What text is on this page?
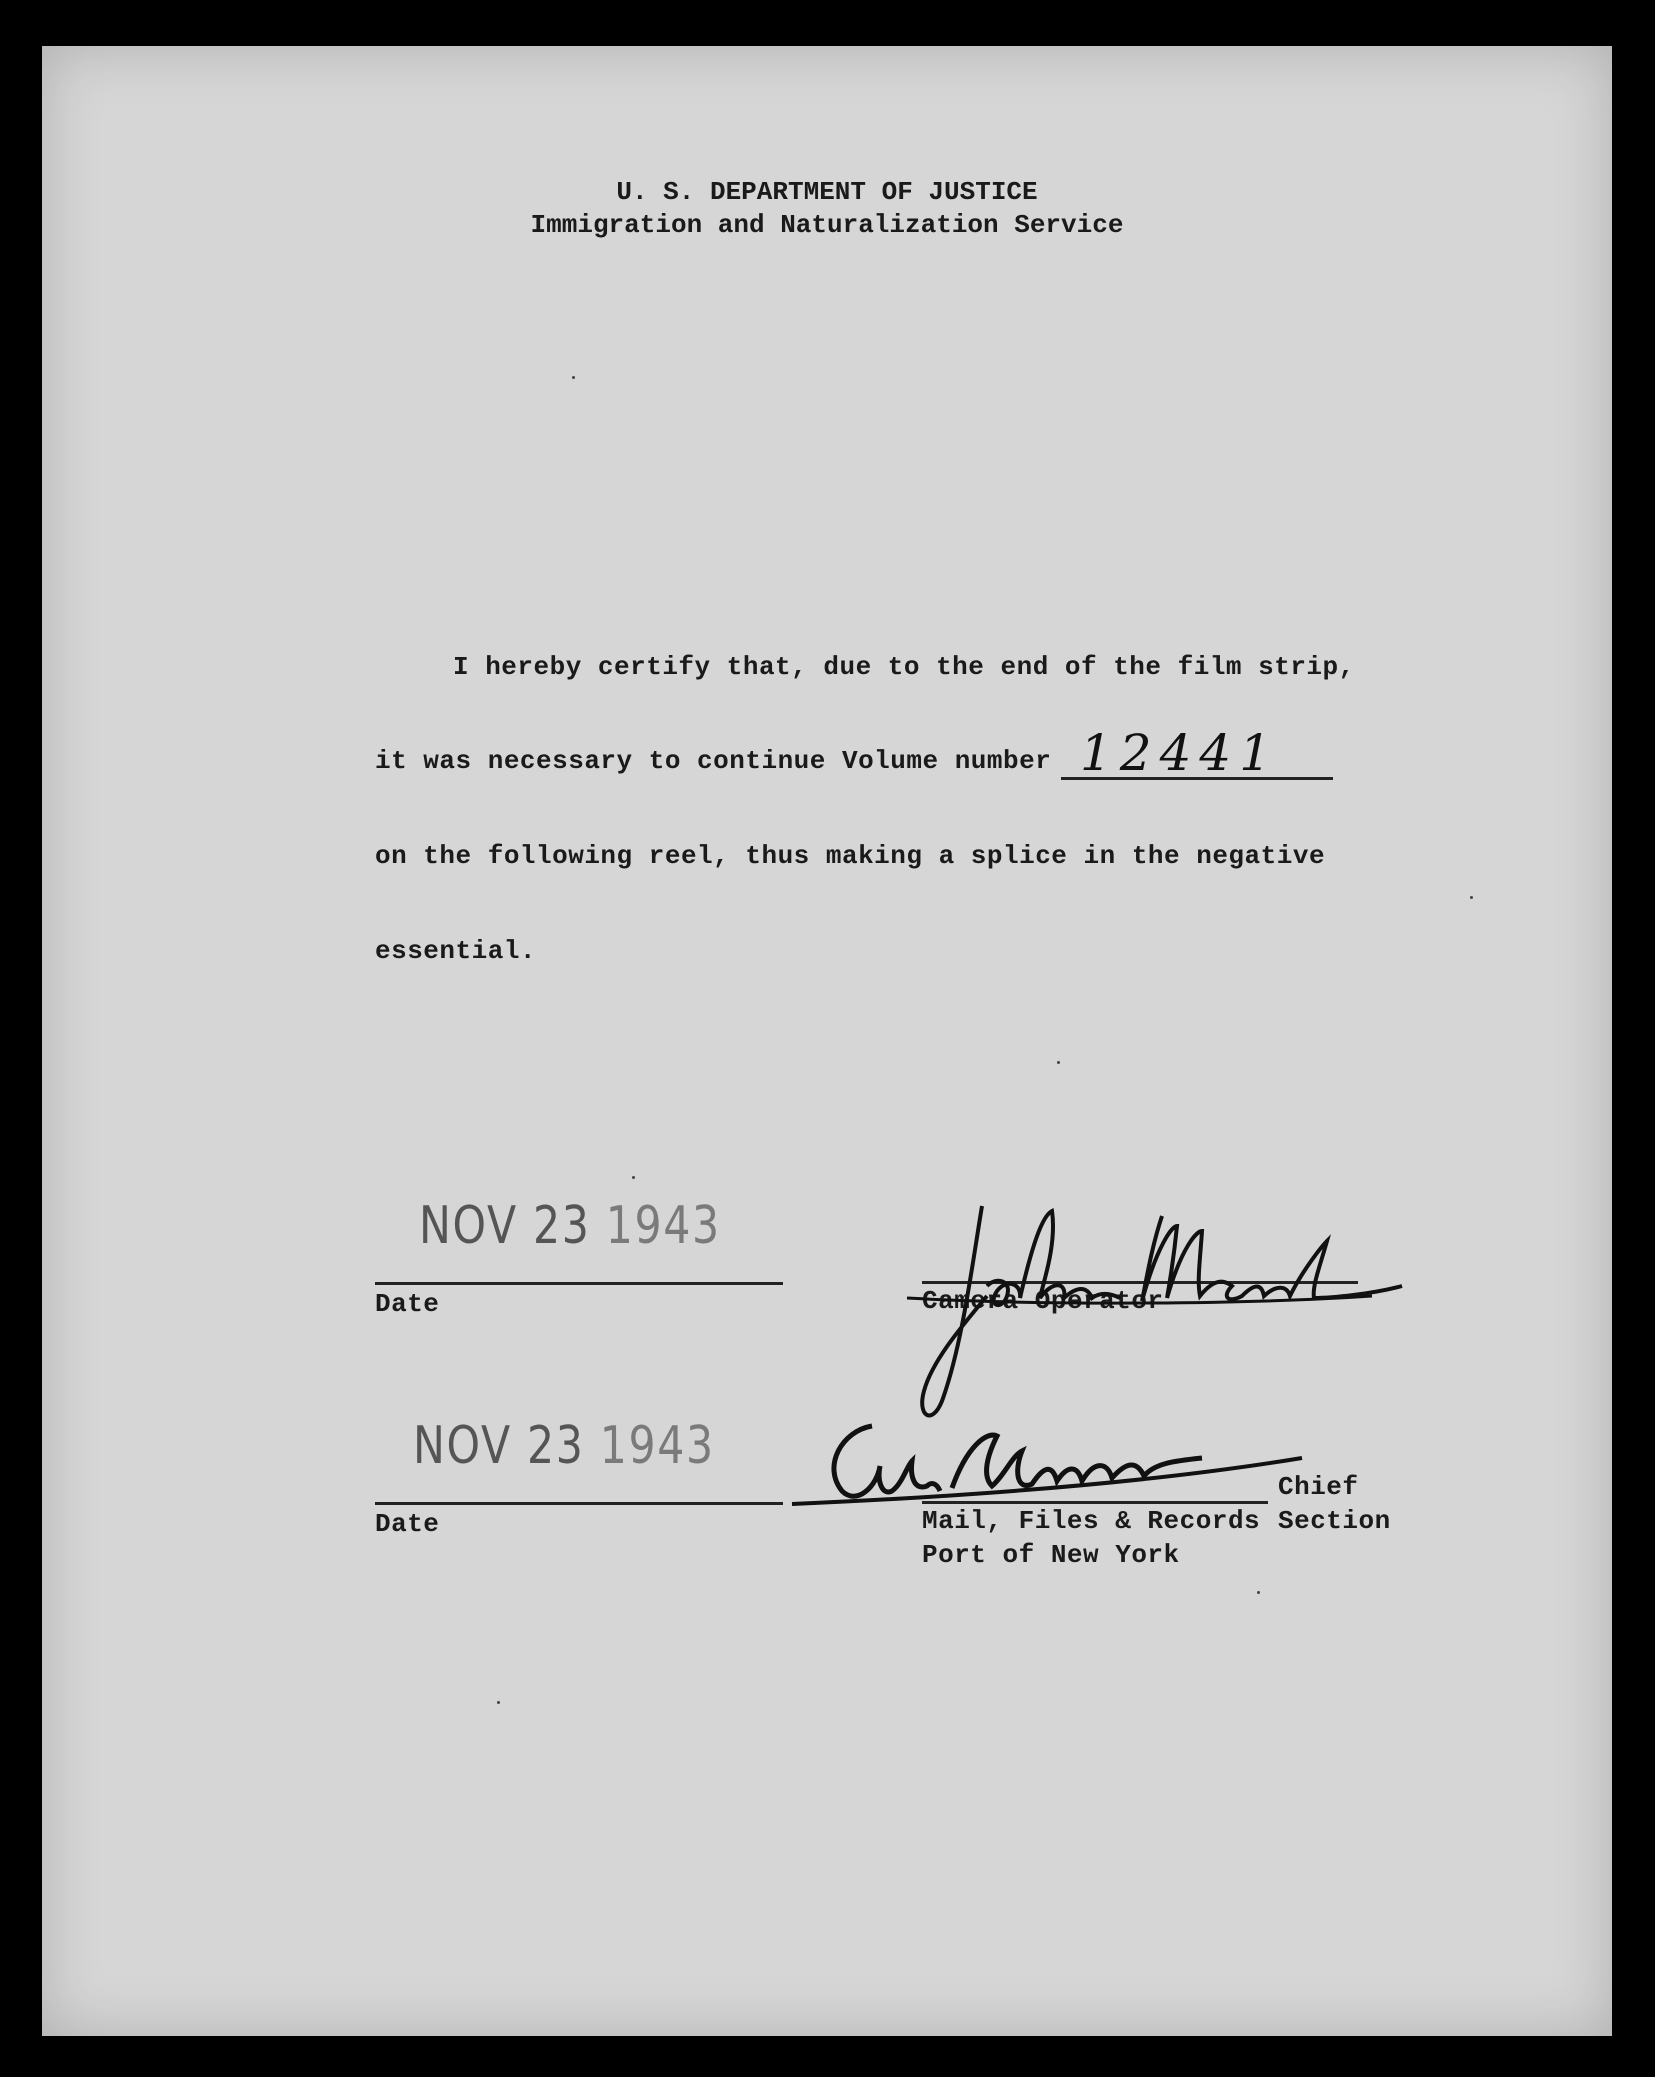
U. S. DEPARTMENT OF JUSTICE
Immigration and Naturalization Service
I hereby certify that, due to the end of the film strip,
it was necessary to continue Volume number 12441
on the following reel, thus making a splice in the negative
essential.
NOV 23 1943
Date	Camera Operator
NOV 23 1943
Date
Chief
Mail, Files & Records Section
Port of New York
